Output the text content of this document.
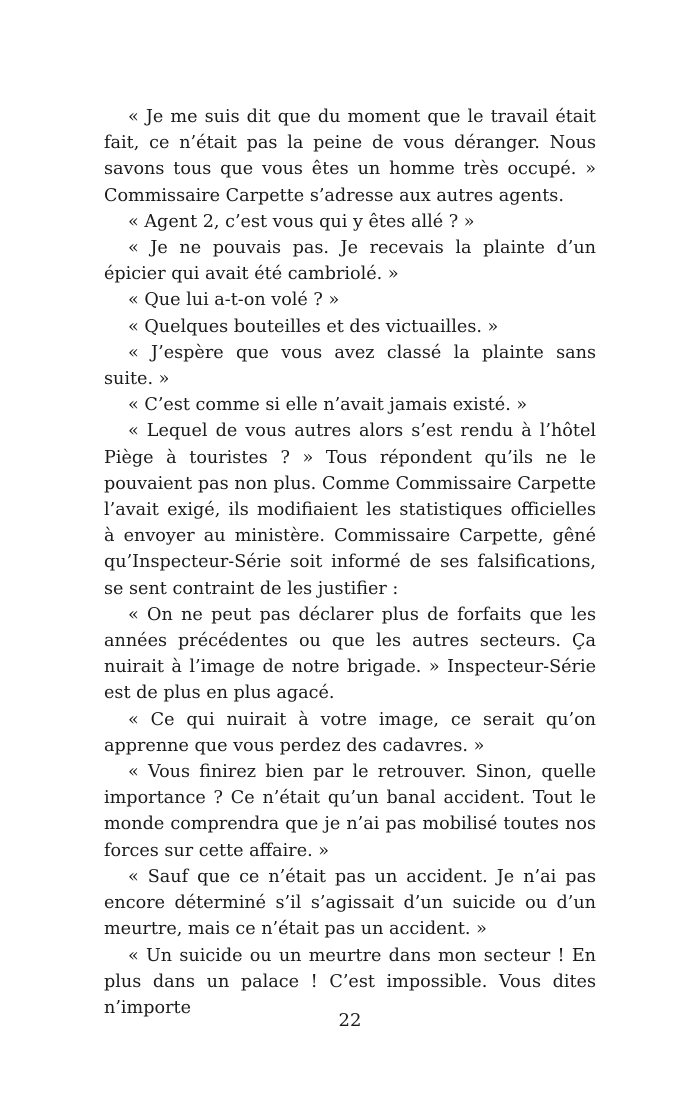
« Je me suis dit que du moment que le travail était fait, ce n’était pas la peine de vous déranger. Nous savons tous que vous êtes un homme très occupé. » Commissaire Carpette s’adresse aux autres agents.

« Agent 2, c’est vous qui y êtes allé ? »

« Je ne pouvais pas. Je recevais la plainte d’un épicier qui avait été cambriolé. »

« Que lui a-t-on volé ? »

« Quelques bouteilles et des victuailles. »

« J’espère que vous avez classé la plainte sans suite. »

« C’est comme si elle n’avait jamais existé. »

« Lequel de vous autres alors s’est rendu à l’hôtel Piège à touristes ? » Tous répondent qu’ils ne le pouvaient pas non plus. Comme Commissaire Carpette l’avait exigé, ils modifiaient les statistiques officielles à envoyer au ministère. Commissaire Carpette, gêné qu’Inspecteur-Série soit informé de ses falsifications, se sent contraint de les justifier :

« On ne peut pas déclarer plus de forfaits que les années précédentes ou que les autres secteurs. Ça nuirait à l’image de notre brigade. » Inspecteur-Série est de plus en plus agacé.

« Ce qui nuirait à votre image, ce serait qu’on apprenne que vous perdez des cadavres. »

« Vous finirez bien par le retrouver. Sinon, quelle importance ? Ce n’était qu’un banal accident. Tout le monde comprendra que je n’ai pas mobilisé toutes nos forces sur cette affaire. »

« Sauf que ce n’était pas un accident. Je n’ai pas encore déterminé s’il s’agissait d’un suicide ou d’un meurtre, mais ce n’était pas un accident. »

« Un suicide ou un meurtre dans mon secteur ! En plus dans un palace ! C’est impossible. Vous dites n’importe

22
